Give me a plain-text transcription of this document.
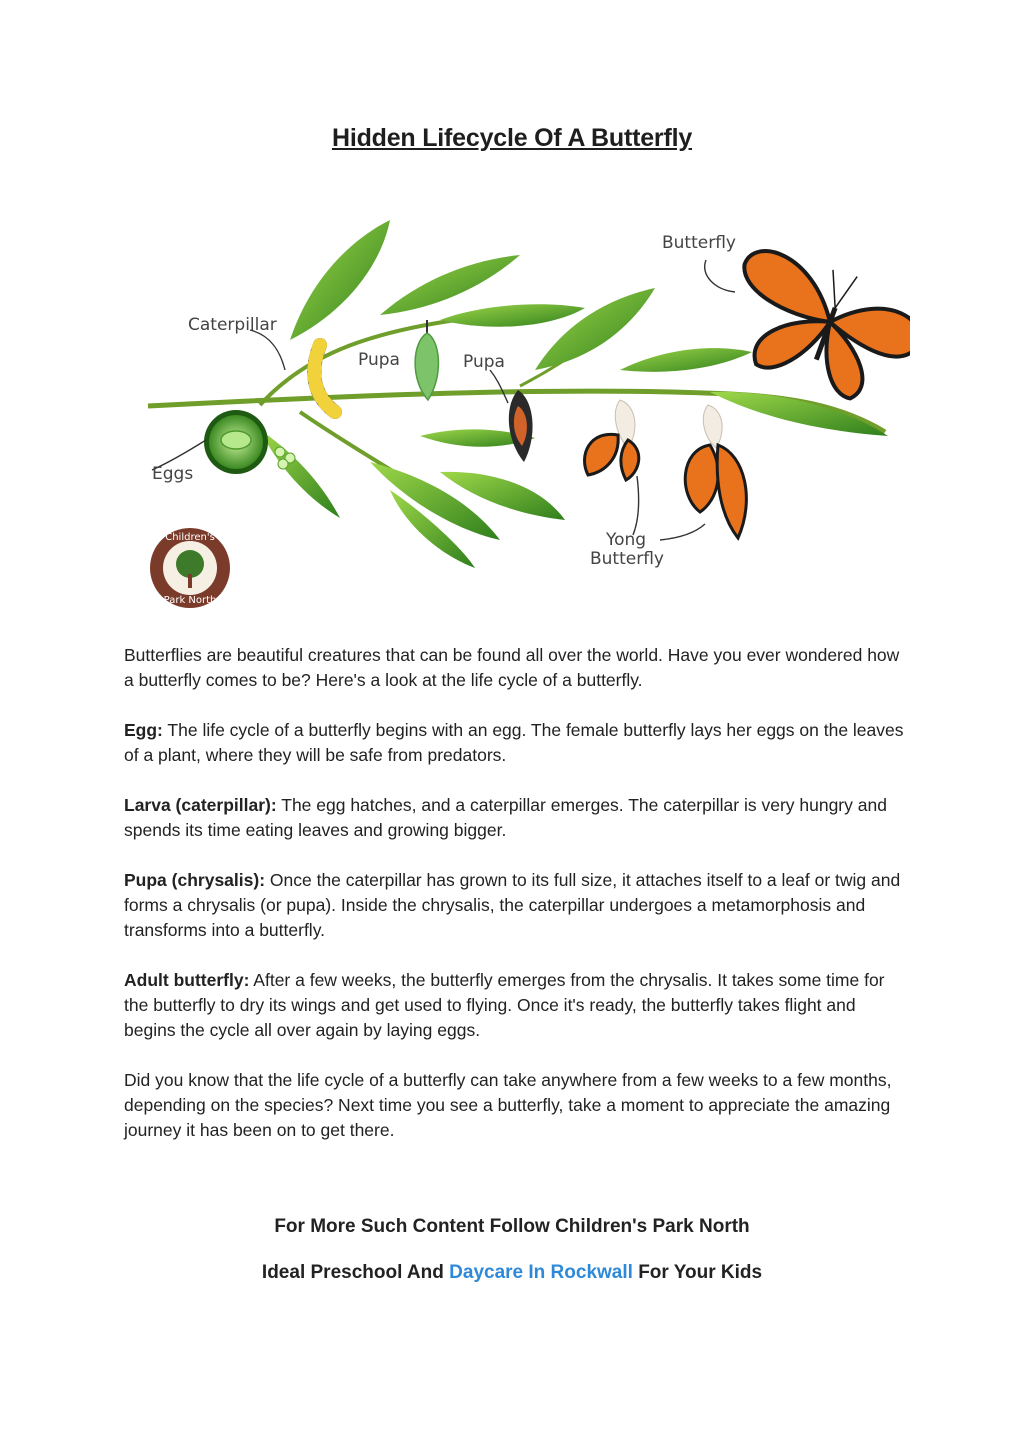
Hidden Lifecycle Of A Butterfly
Caterpillar
Pupa	Pupa
Eggs
Butterfly
Yong
Butterfly
Children's
Park North

Butterflies are beautiful creatures that can be found all over the world. Have you ever wondered how a butterfly comes to be? Here's a look at the life cycle of a butterfly.

Egg: The life cycle of a butterfly begins with an egg. The female butterfly lays her eggs on the leaves of a plant, where they will be safe from predators.

Larva (caterpillar): The egg hatches, and a caterpillar emerges. The caterpillar is very hungry and spends its time eating leaves and growing bigger.

Pupa (chrysalis): Once the caterpillar has grown to its full size, it attaches itself to a leaf or twig and forms a chrysalis (or pupa). Inside the chrysalis, the caterpillar undergoes a metamorphosis and transforms into a butterfly.

Adult butterfly: After a few weeks, the butterfly emerges from the chrysalis. It takes some time for the butterfly to dry its wings and get used to flying. Once it's ready, the butterfly takes flight and begins the cycle all over again by laying eggs.

Did you know that the life cycle of a butterfly can take anywhere from a few weeks to a few months, depending on the species? Next time you see a butterfly, take a moment to appreciate the amazing journey it has been on to get there.

For More Such Content Follow Children's Park North
Ideal Preschool And Daycare In Rockwall For Your Kids
